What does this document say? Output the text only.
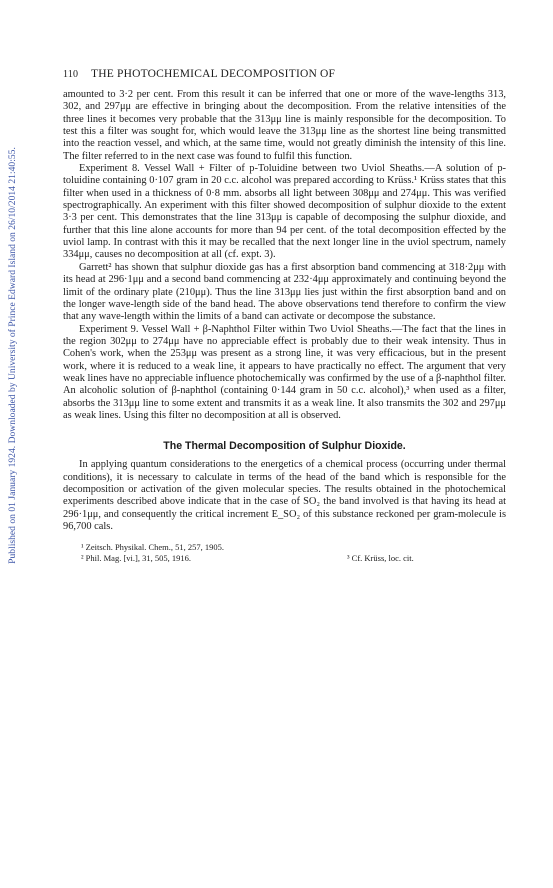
Published on 01 January 1924. Downloaded by University of Prince Edward Island on 26/10/2014 21:40:55.
110	THE PHOTOCHEMICAL DECOMPOSITION OF

amounted to 3·2 per cent. From this result it can be inferred that one or more of the wave-lengths 313, 302, and 297μμ are effective in bringing about the decomposition. From the relative intensities of the three lines it becomes very probable that the 313μμ line is mainly responsible for the decomposition. To test this a filter was sought for, which would leave the 313μμ line as the shortest line being transmitted into the reaction vessel, and which, at the same time, would not greatly diminish the intensity of this line. The filter referred to in the next case was found to fulfil this function.

Experiment 8. Vessel Wall + Filter of p-Toluidine between two Uviol Sheaths.—A solution of p-toluidine containing 0·107 gram in 20 c.c. alcohol was prepared according to Krüss.¹ Krüss states that this filter when used in a thickness of 0·8 mm. absorbs all light between 308μμ and 274μμ. This was verified spectrographically. An experiment with this filter showed decomposition of sulphur dioxide to the extent 3·3 per cent. This demonstrates that the line 313μμ is capable of decomposing the sulphur dioxide, and further that this line alone accounts for more than 94 per cent. of the total decomposition effected by the uviol lamp. In contrast with this it may be recalled that the next longer line in the uviol spectrum, namely 334μμ, causes no decomposition at all (cf. expt. 3).

Garrett² has shown that sulphur dioxide gas has a first absorption band commencing at 318·2μμ with its head at 296·1μμ and a second band commencing at 232·4μμ approximately and continuing beyond the limit of the ordinary plate (210μμ). Thus the line 313μμ lies just within the first absorption band and on the longer wave-length side of the band head. The above observations tend therefore to confirm the view that any wave-length within the limits of a band can activate or decompose the substance.

Experiment 9. Vessel Wall + β-Naphthol Filter within Two Uviol Sheaths.—The fact that the lines in the region 302μμ to 274μμ have no appreciable effect is probably due to their weak intensity. Thus in Cohen's work, when the 253μμ was present as a strong line, it was very efficacious, but in the present work, where it is reduced to a weak line, it appears to have practically no effect. The argument that very weak lines have no appreciable influence photochemically was confirmed by the use of a β-naphthol filter. An alcoholic solution of β-naphthol (containing 0·144 gram in 50 c.c. alcohol),³ when used as a filter, absorbs the 313μμ line to some extent and transmits it as a weak line. It also transmits the 302 and 297μμ as weak lines. Using this filter no decomposition at all is observed.

The Thermal Decomposition of Sulphur Dioxide.

In applying quantum considerations to the energetics of a chemical process (occurring under thermal conditions), it is necessary to calculate in terms of the head of the band which is responsible for the decomposition or activation of the given molecular species. The results obtained in the photochemical experiments described above indicate that in the case of SO₂ the band involved is that having its head at 296·1μμ, and consequently the critical increment E_SO₂ of this substance reckoned per gram-molecule is 96,700 cals.

¹ Zeitsch. Physikal. Chem., 51, 257, 1905.
² Phil. Mag. [vi.], 31, 505, 1916.	³ Cf. Krüss, loc. cit.
